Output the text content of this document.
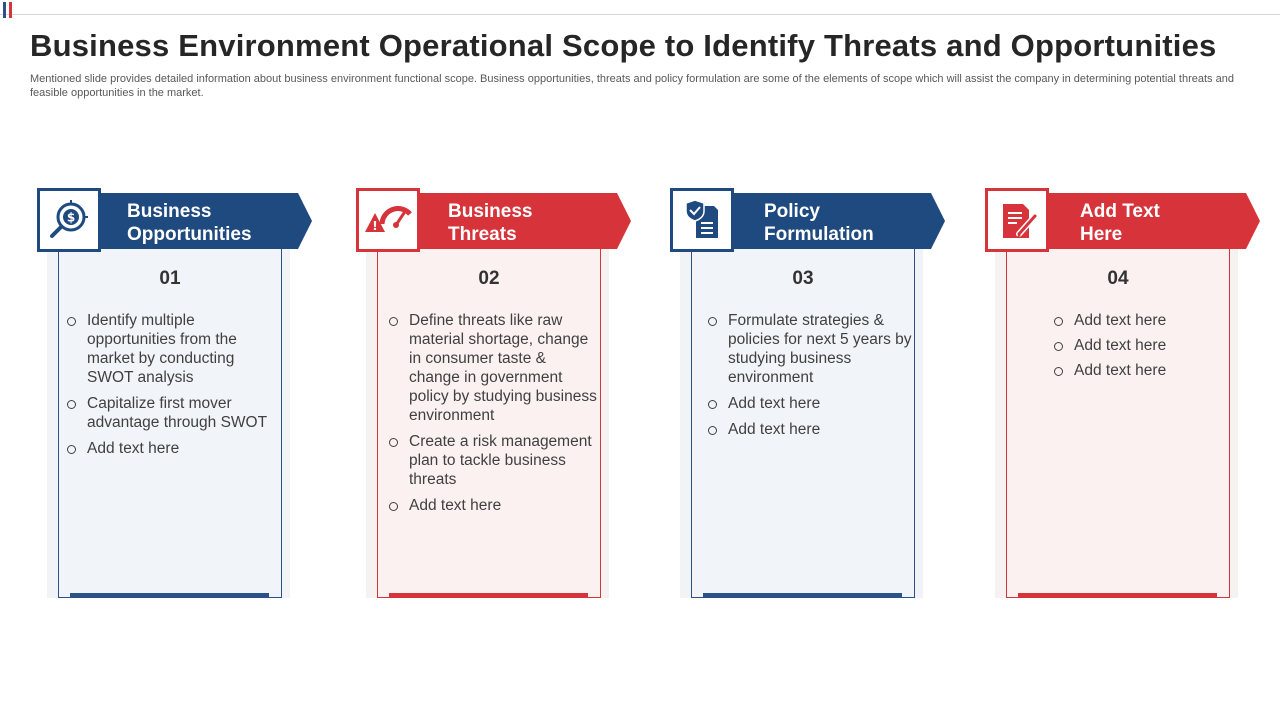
Business Environment Operational Scope to Identify Threats and Opportunities

Mentioned slide provides detailed information about business environment functional scope. Business opportunities, threats and policy formulation are some of the elements of scope which will assist the company in determining potential threats and feasible opportunities in the market.

Business
Opportunities
$
01
Identify multiple opportunities from the market by conducting SWOT analysis
Capitalize first mover advantage through SWOT
Add text here
Business
Threats
!
02
Define threats like raw material shortage, change in consumer taste & change in government policy by studying business environment
Create a risk management plan to tackle business threats
Add text here
Policy
Formulation
03
Formulate strategies & policies for next 5 years by studying business environment
Add text here
Add text here
Add Text
Here
04
Add text here
Add text here
Add text here
